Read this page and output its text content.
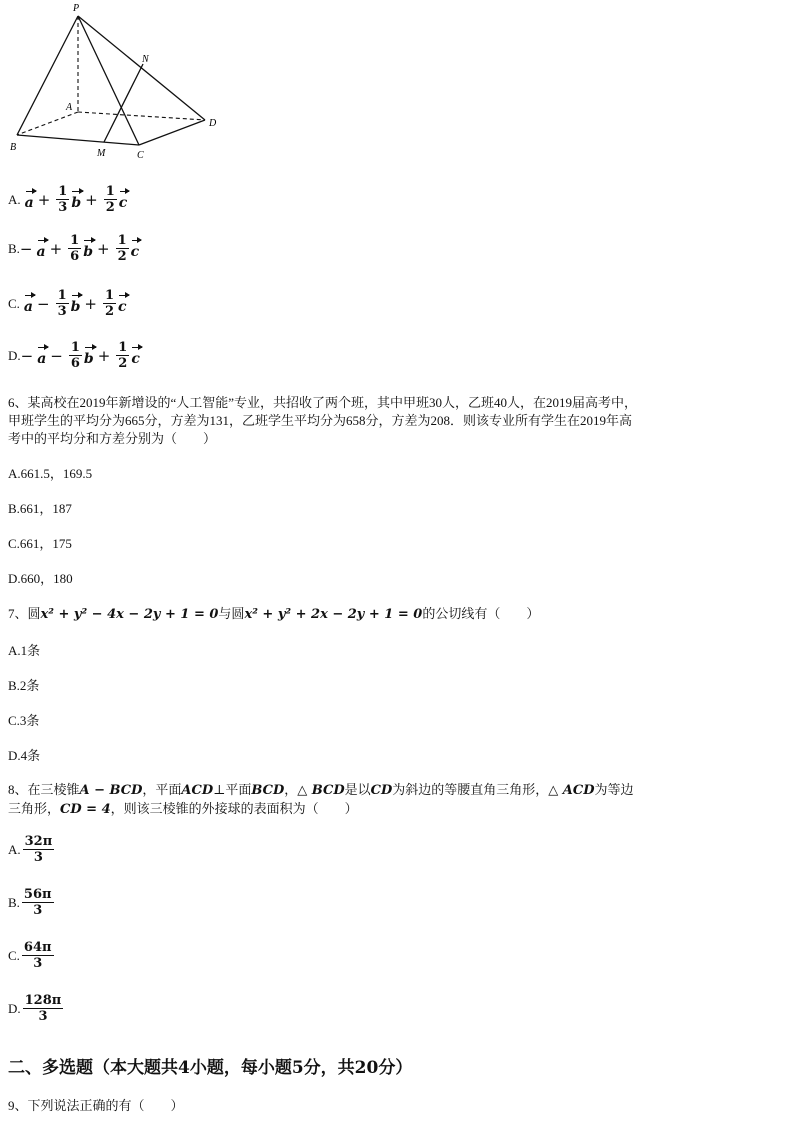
P
A
B
C
D
M
N
A. $a + \frac{1}{3}$ $b + \frac{1}{2}$ c
B. − $a + \frac{1}{6}$ $b + \frac{1}{2}$ c
C. $a - \frac{1}{3}$ $b + \frac{1}{2}$ c
D. − $a - \frac{1}{6}$ $b + \frac{1}{2}$ c
6、某高校在2019年新增设的“人工智能”专业，共招收了两个班，其中甲班30人，乙班40人，在2019届高考中，
甲班学生的平均分为665分，方差为131，乙班学生平均分为658分，方差为208．则该专业所有学生在2019年高
考中的平均分和方差分别为（　　）
A.661.5，169.5
B.661，187
C.661，175
D.660，180
7、圆x² + y² − 4x − 2y + 1 = 0与圆x² + y² + 2x − 2y + 1 = 0的公切线有（　　）
A.1条
B.2条
C.3条
D.4条
8、在三棱锥A − BCD，平面ACD⊥平面BCD，△ BCD是以CD为斜边的等腰直角三角形，△ ACD为等边
三角形，CD = 4，则该三棱锥的外接球的表面积为（　　）
A. $\frac{32\pi}{3}$
B. $\frac{56\pi}{3}$
C. $\frac{64\pi}{3}$
D. $\frac{128\pi}{3}$
二、多选题（本大题共4小题，每小题5分，共20分）
9、下列说法正确的有（　　）
